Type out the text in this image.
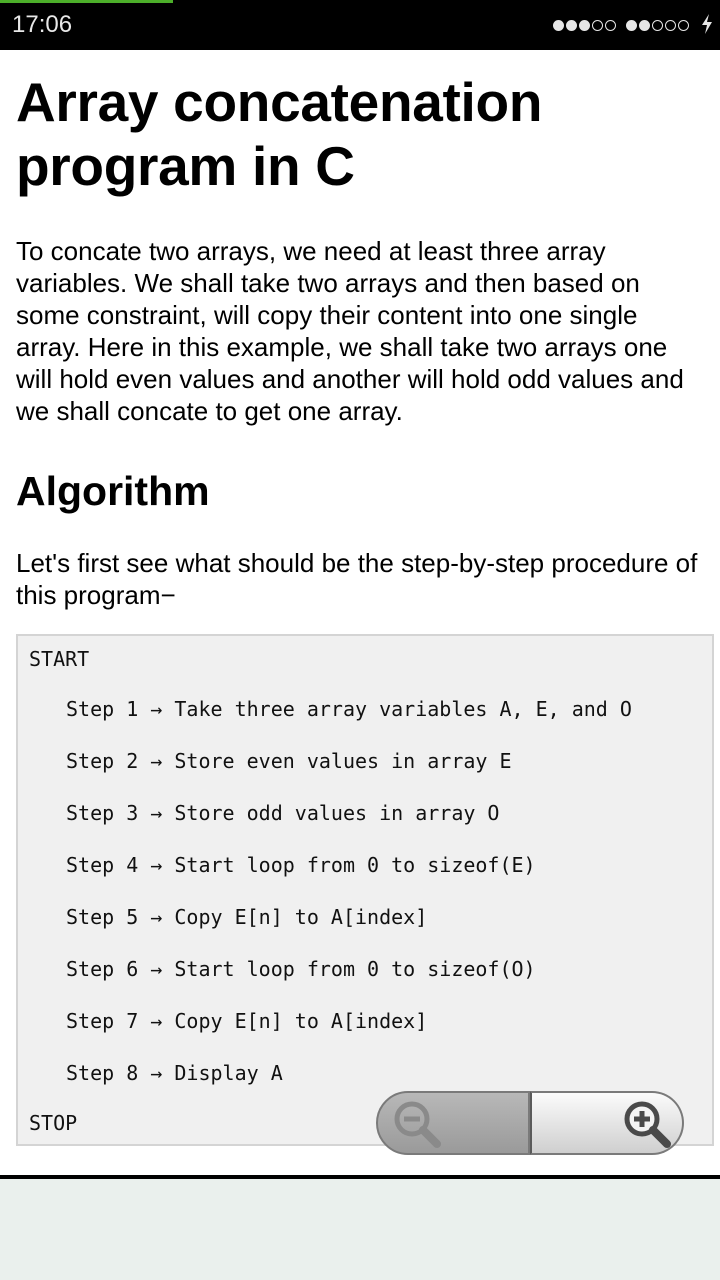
17:06
Array concatenation program in C

To concate two arrays, we need at least three array variables. We shall take two arrays and then based on some constraint, will copy their content into one single array. Here in this example, we shall take two arrays one will hold even values and another will hold odd values and we shall concate to get one array.

Algorithm

Let's first see what should be the step-by-step procedure of this program−

START
Step 1 → Take three array variables A, E, and O
Step 2 → Store even values in array E
Step 3 → Store odd values in array O
Step 4 → Start loop from 0 to sizeof(E)
Step 5 → Copy E[n] to A[index]
Step 6 → Start loop from 0 to sizeof(O)
Step 7 → Copy E[n] to A[index]
Step 8 → Display A
STOP
